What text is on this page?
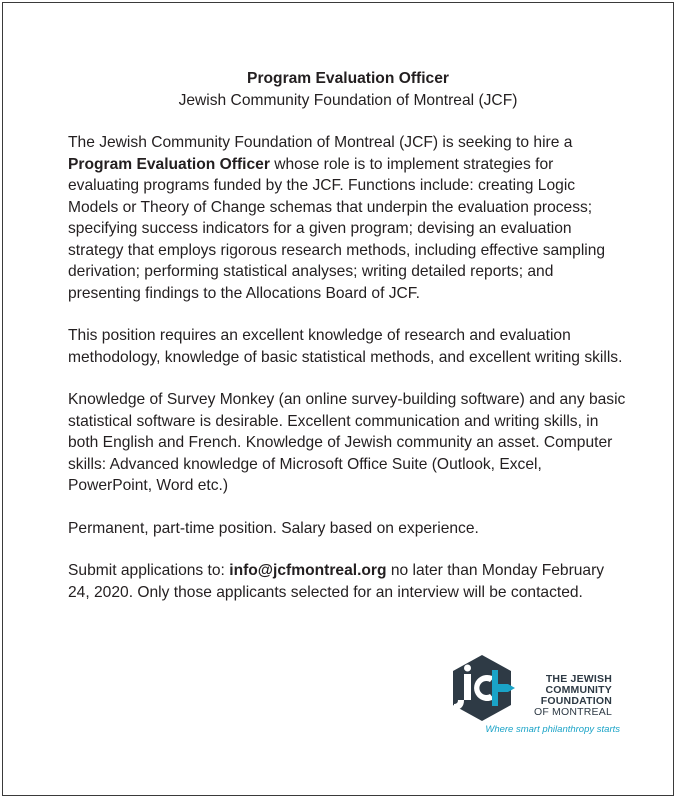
Program Evaluation Officer

Jewish Community Foundation of Montreal (JCF)

The Jewish Community Foundation of Montreal (JCF) is seeking to hire a Program Evaluation Officer whose role is to implement strategies for evaluating programs funded by the JCF. Functions include: creating Logic Models or Theory of Change schemas that underpin the evaluation process; specifying success indicators for a given program; devising an evaluation strategy that employs rigorous research methods, including effective sampling derivation; performing statistical analyses; writing detailed reports; and presenting findings to the Allocations Board of JCF.

This position requires an excellent knowledge of research and evaluation methodology, knowledge of basic statistical methods, and excellent writing skills.

Knowledge of Survey Monkey (an online survey-building software) and any basic statistical software is desirable. Excellent communication and writing skills, in both English and French. Knowledge of Jewish community an asset. Computer skills: Advanced knowledge of Microsoft Office Suite (Outlook, Excel, PowerPoint, Word etc.)

Permanent, part-time position. Salary based on experience.

Submit applications to: info@jcfmontreal.org no later than Monday February 24, 2020. Only those applicants selected for an interview will be contacted.

THE JEWISH
COMMUNITY
FOUNDATION
OF MONTREAL
Where smart philanthropy starts
